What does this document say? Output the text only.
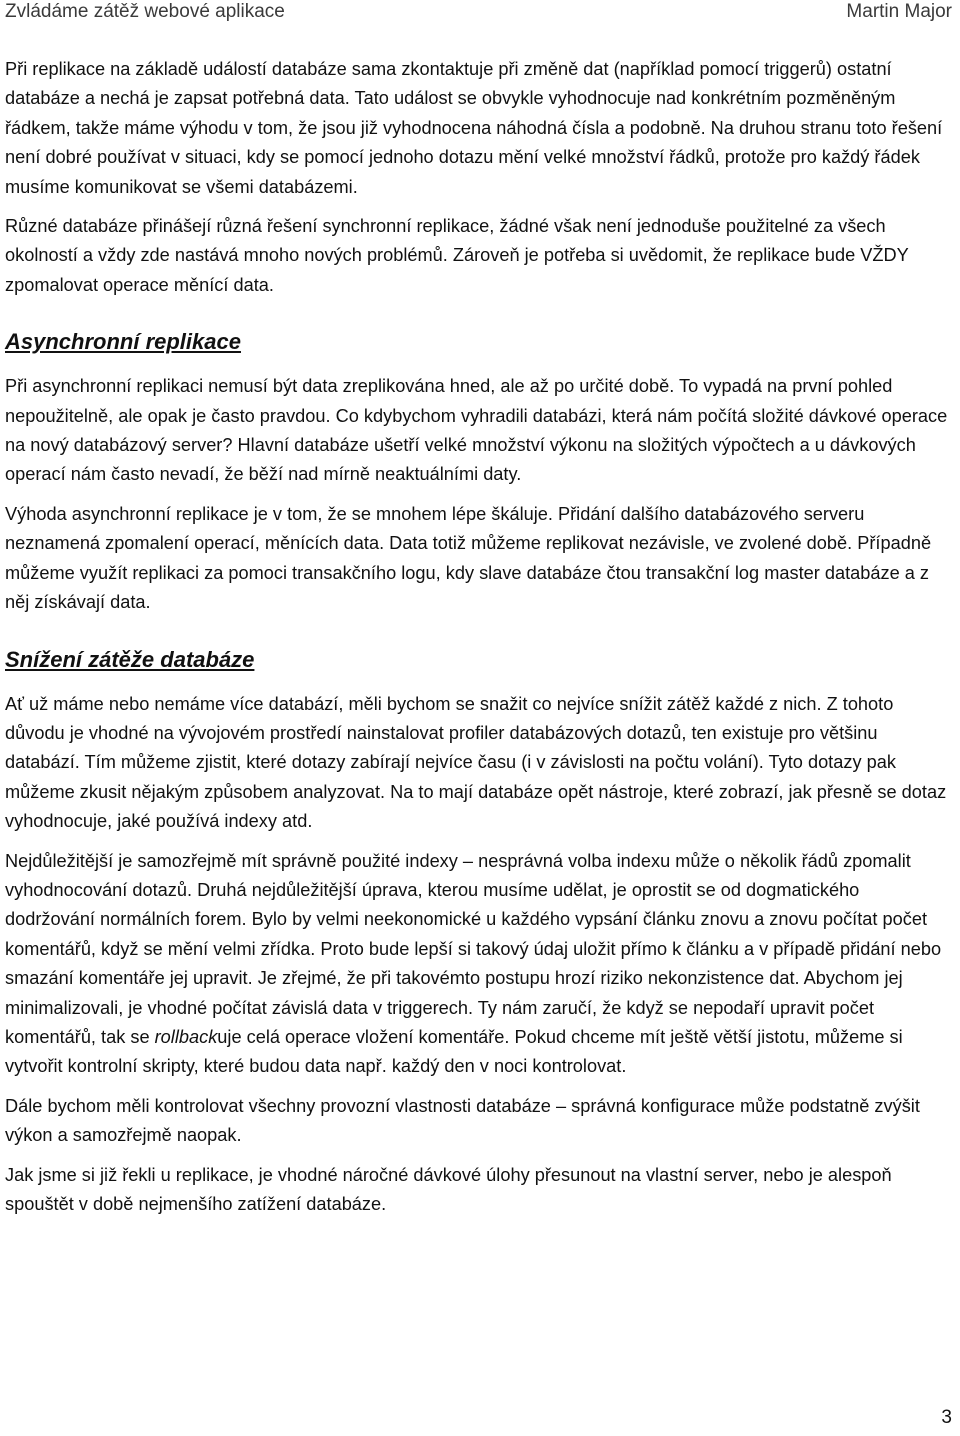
Zvládáme zátěž webové aplikace	Martin Major

Při replikace na základě událostí databáze sama zkontaktuje při změně dat (například pomocí triggerů) ostatní databáze a nechá je zapsat potřebná data. Tato událost se obvykle vyhodnocuje nad konkrétním pozměněným řádkem, takže máme výhodu v tom, že jsou již vyhodnocena náhodná čísla a podobně. Na druhou stranu toto řešení není dobré používat v situaci, kdy se pomocí jednoho dotazu mění velké množství řádků, protože pro každý řádek musíme komunikovat se všemi databázemi.

Různé databáze přinášejí různá řešení synchronní replikace, žádné však není jednoduše použitelné za všech okolností a vždy zde nastává mnoho nových problémů. Zároveň je potřeba si uvědomit, že replikace bude VŽDY zpomalovat operace měnící data.

Asynchronní replikace

Při asynchronní replikaci nemusí být data zreplikována hned, ale až po určité době. To vypadá na první pohled nepoužitelně, ale opak je často pravdou. Co kdybychom vyhradili databázi, která nám počítá složité dávkové operace na nový databázový server? Hlavní databáze ušetří velké množství výkonu na složitých výpočtech a u dávkových operací nám často nevadí, že běží nad mírně neaktuálními daty.

Výhoda asynchronní replikace je v tom, že se mnohem lépe škáluje. Přidání dalšího databázového serveru neznamená zpomalení operací, měnících data. Data totiž můžeme replikovat nezávisle, ve zvolené době. Případně můžeme využít replikaci za pomoci transakčního logu, kdy slave databáze čtou transakční log master databáze a z něj získávají data.

Snížení zátěže databáze

Ať už máme nebo nemáme více databází, měli bychom se snažit co nejvíce snížit zátěž každé z nich. Z tohoto důvodu je vhodné na vývojovém prostředí nainstalovat profiler databázových dotazů, ten existuje pro většinu databází. Tím můžeme zjistit, které dotazy zabírají nejvíce času (i v závislosti na počtu volání). Tyto dotazy pak můžeme zkusit nějakým způsobem analyzovat. Na to mají databáze opět nástroje, které zobrazí, jak přesně se dotaz vyhodnocuje, jaké používá indexy atd.

Nejdůležitější je samozřejmě mít správně použité indexy – nesprávná volba indexu může o několik řádů zpomalit vyhodnocování dotazů. Druhá nejdůležitější úprava, kterou musíme udělat, je oprostit se od dogmatického dodržování normálních forem. Bylo by velmi neekonomické u každého vypsání článku znovu a znovu počítat počet komentářů, když se mění velmi zřídka. Proto bude lepší si takový údaj uložit přímo k článku a v případě přidání nebo smazání komentáře jej upravit. Je zřejmé, že při takovémto postupu hrozí riziko nekonzistence dat. Abychom jej minimalizovali, je vhodné počítat závislá data v triggerech. Ty nám zaručí, že když se nepodaří upravit počet komentářů, tak se rollbackuje celá operace vložení komentáře. Pokud chceme mít ještě větší jistotu, můžeme si vytvořit kontrolní skripty, které budou data např. každý den v noci kontrolovat.

Dále bychom měli kontrolovat všechny provozní vlastnosti databáze – správná konfigurace může podstatně zvýšit výkon a samozřejmě naopak.

Jak jsme si již řekli u replikace, je vhodné náročné dávkové úlohy přesunout na vlastní server, nebo je alespoň spouštět v době nejmenšího zatížení databáze.

3
